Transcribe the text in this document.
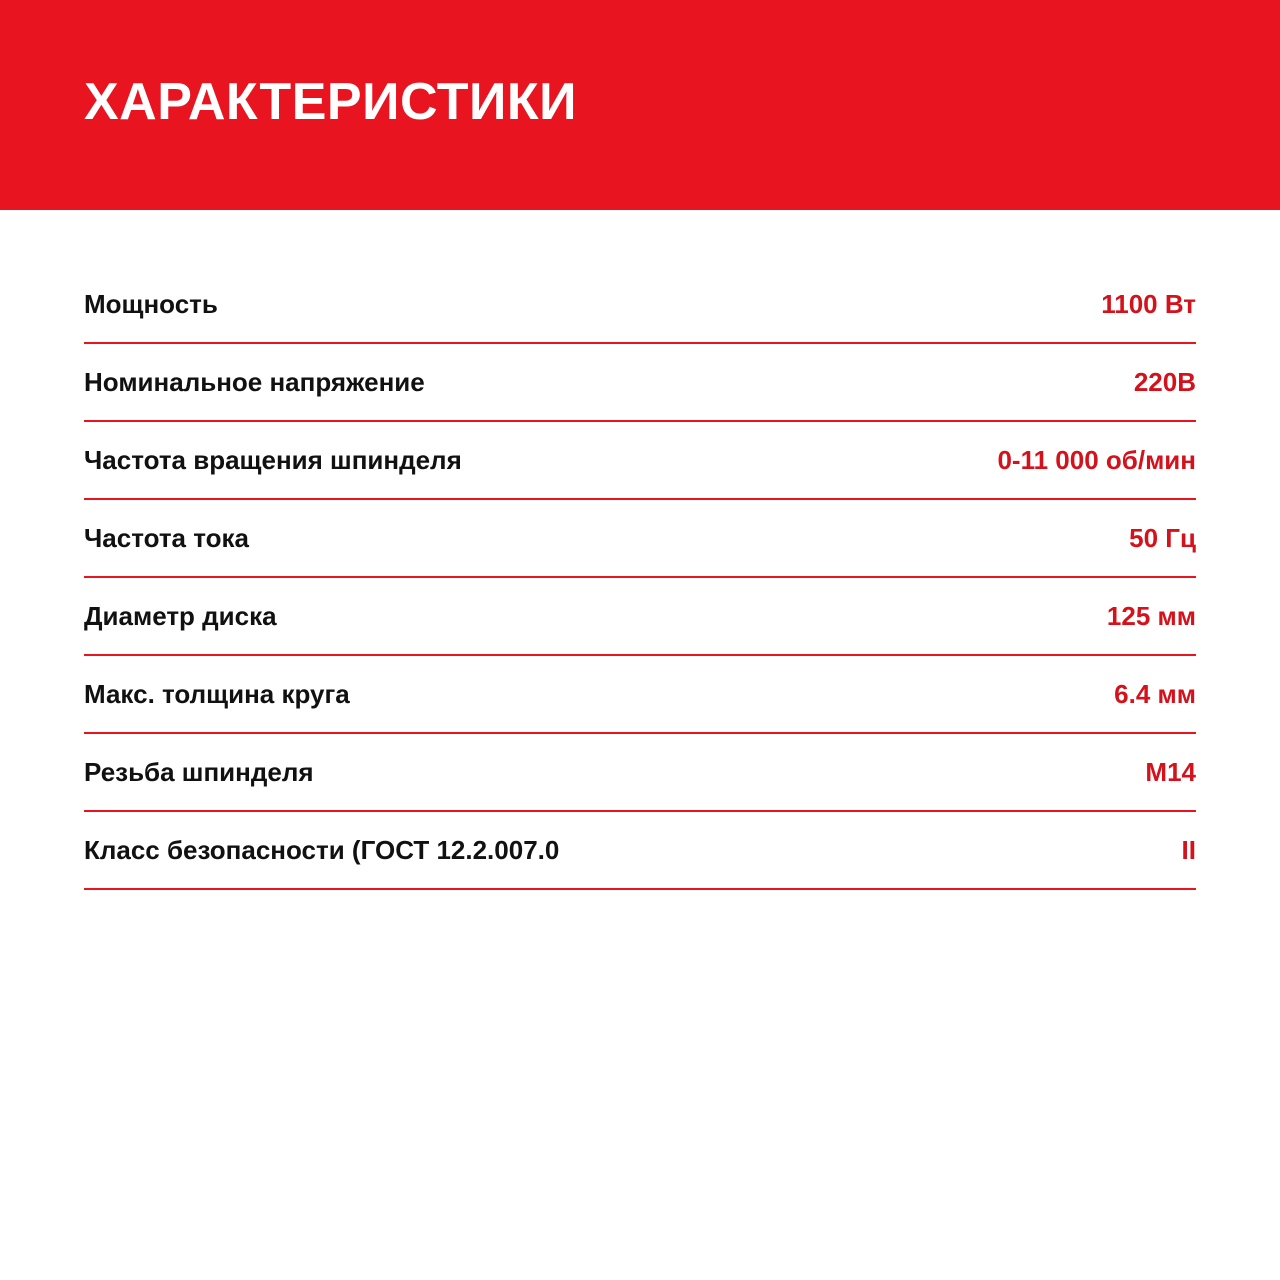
ХАРАКТЕРИСТИКИ
Мощность	1100 Вт
Номинальное напряжение	220В
Частота вращения шпинделя	0-11 000 об/мин
Частота тока	50 Гц
Диаметр диска	125 мм
Макс. толщина круга	6.4 мм
Резьба шпинделя	М14
Класс безопасности (ГОСТ 12.2.007.0	II
